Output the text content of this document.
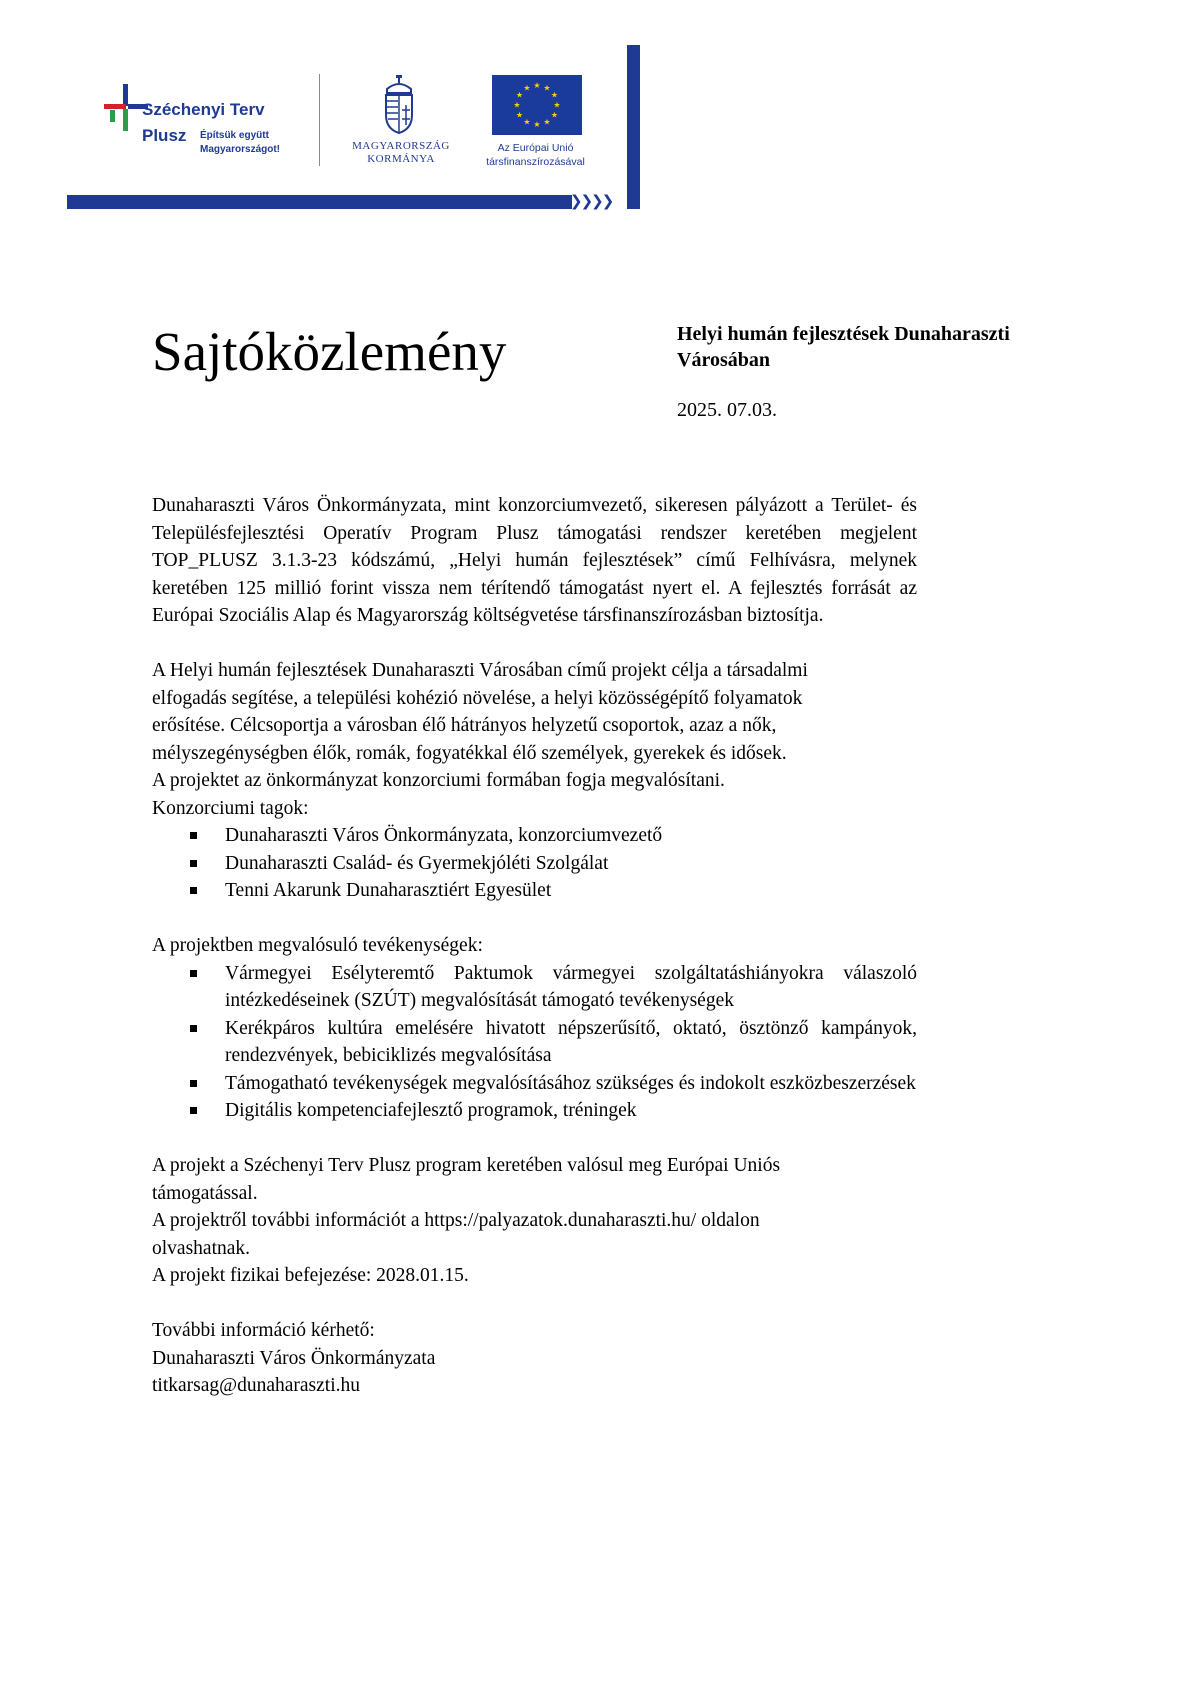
Széchenyi Terv
Plusz Építsük együtt
Magyarországot!	MAGYARORSZÁG
KORMÁNYA
★ ★
★
★
★
★
★
★
★
★
★
★
Az Európai Unió
társfinanszírozásával
❯❯❯❯
Sajtóközlemény	Helyi humán fejlesztések Dunaharaszti
Városában
2025. 07.03.

Dunaharaszti Város Önkormányzata, mint konzorciumvezető, sikeresen pályázott a Terület- és Településfejlesztési Operatív Program Plusz támogatási rendszer keretében megjelent TOP_PLUSZ 3.1.3-23 kódszámú, „Helyi humán fejlesztések” című Felhívásra, melynek keretében 125 millió forint vissza nem térítendő támogatást nyert el. A fejlesztés forrását az Európai Szociális Alap és Magyarország költségvetése társfinanszírozásban biztosítja.

A Helyi humán fejlesztések Dunaharaszti Városában című projekt célja a társadalmi

elfogadás segítése, a települési kohézió növelése, a helyi közösségépítő folyamatok

erősítése. Célcsoportja a városban élő hátrányos helyzetű csoportok, azaz a nők,

mélyszegénységben élők, romák, fogyatékkal élő személyek, gyerekek és idősek.

A projektet az önkormányzat konzorciumi formában fogja megvalósítani.

Konzorciumi tagok:

Dunaharaszti Város Önkormányzata, konzorciumvezető
Dunaharaszti Család- és Gyermekjóléti Szolgálat
Tenni Akarunk Dunaharasztiért Egyesület

A projektben megvalósuló tevékenységek:

Vármegyei Esélyteremtő Paktumok vármegyei szolgáltatáshiányokra válaszoló intézkedéseinek (SZÚT) megvalósítását támogató tevékenységek
Kerékpáros kultúra emelésére hivatott népszerűsítő, oktató, ösztönző kampányok, rendezvények, bebiciklizés megvalósítása
Támogatható tevékenységek megvalósításához szükséges és indokolt eszközbeszerzések
Digitális kompetenciafejlesztő programok, tréningek

A projekt a Széchenyi Terv Plusz program keretében valósul meg Európai Uniós

támogatással.

A projektről további információt a https://palyazatok.dunaharaszti.hu/ oldalon

olvashatnak.

A projekt fizikai befejezése: 2028.01.15.

További információ kérhető:

Dunaharaszti Város Önkormányzata

titkarsag@dunaharaszti.hu
